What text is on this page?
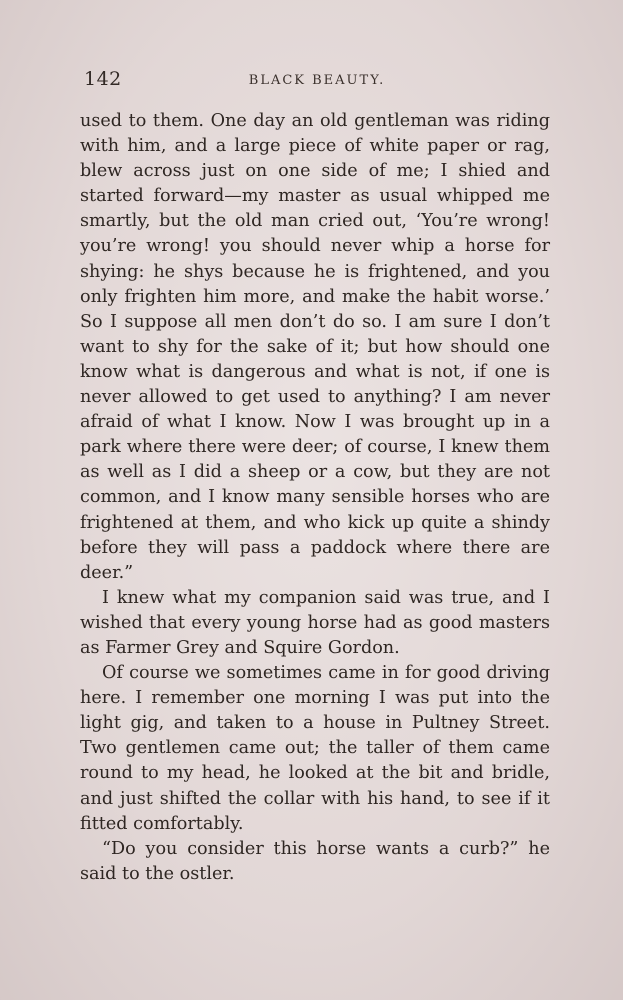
142	BLACK BEAUTY.
used to them. One day an old gentleman was riding
with him, and a large piece of white paper or rag,
blew across just on one side of me; I shied and
started forward—my master as usual whipped me
smartly, but the old man cried out, ‘You’re wrong!
you’re wrong! you should never whip a horse for
shying: he shys because he is frightened, and you
only frighten him more, and make the habit worse.’
So I suppose all men don’t do so. I am sure I don’t
want to shy for the sake of it; but how should one
know what is dangerous and what is not, if one is
never allowed to get used to anything? I am never
afraid of what I know. Now I was brought up in a
park where there were deer; of course, I knew them
as well as I did a sheep or a cow, but they are not
common, and I know many sensible horses who are
frightened at them, and who kick up quite a shindy
before they will pass a paddock where there are
deer.”
I knew what my companion said was true, and I
wished that every young horse had as good masters
as Farmer Grey and Squire Gordon.
Of course we sometimes came in for good driving
here. I remember one morning I was put into the
light gig, and taken to a house in Pultney Street.
Two gentlemen came out; the taller of them came
round to my head, he looked at the bit and bridle,
and just shifted the collar with his hand, to see if it
fitted comfortably.
“Do you consider this horse wants a curb?” he
said to the ostler.
